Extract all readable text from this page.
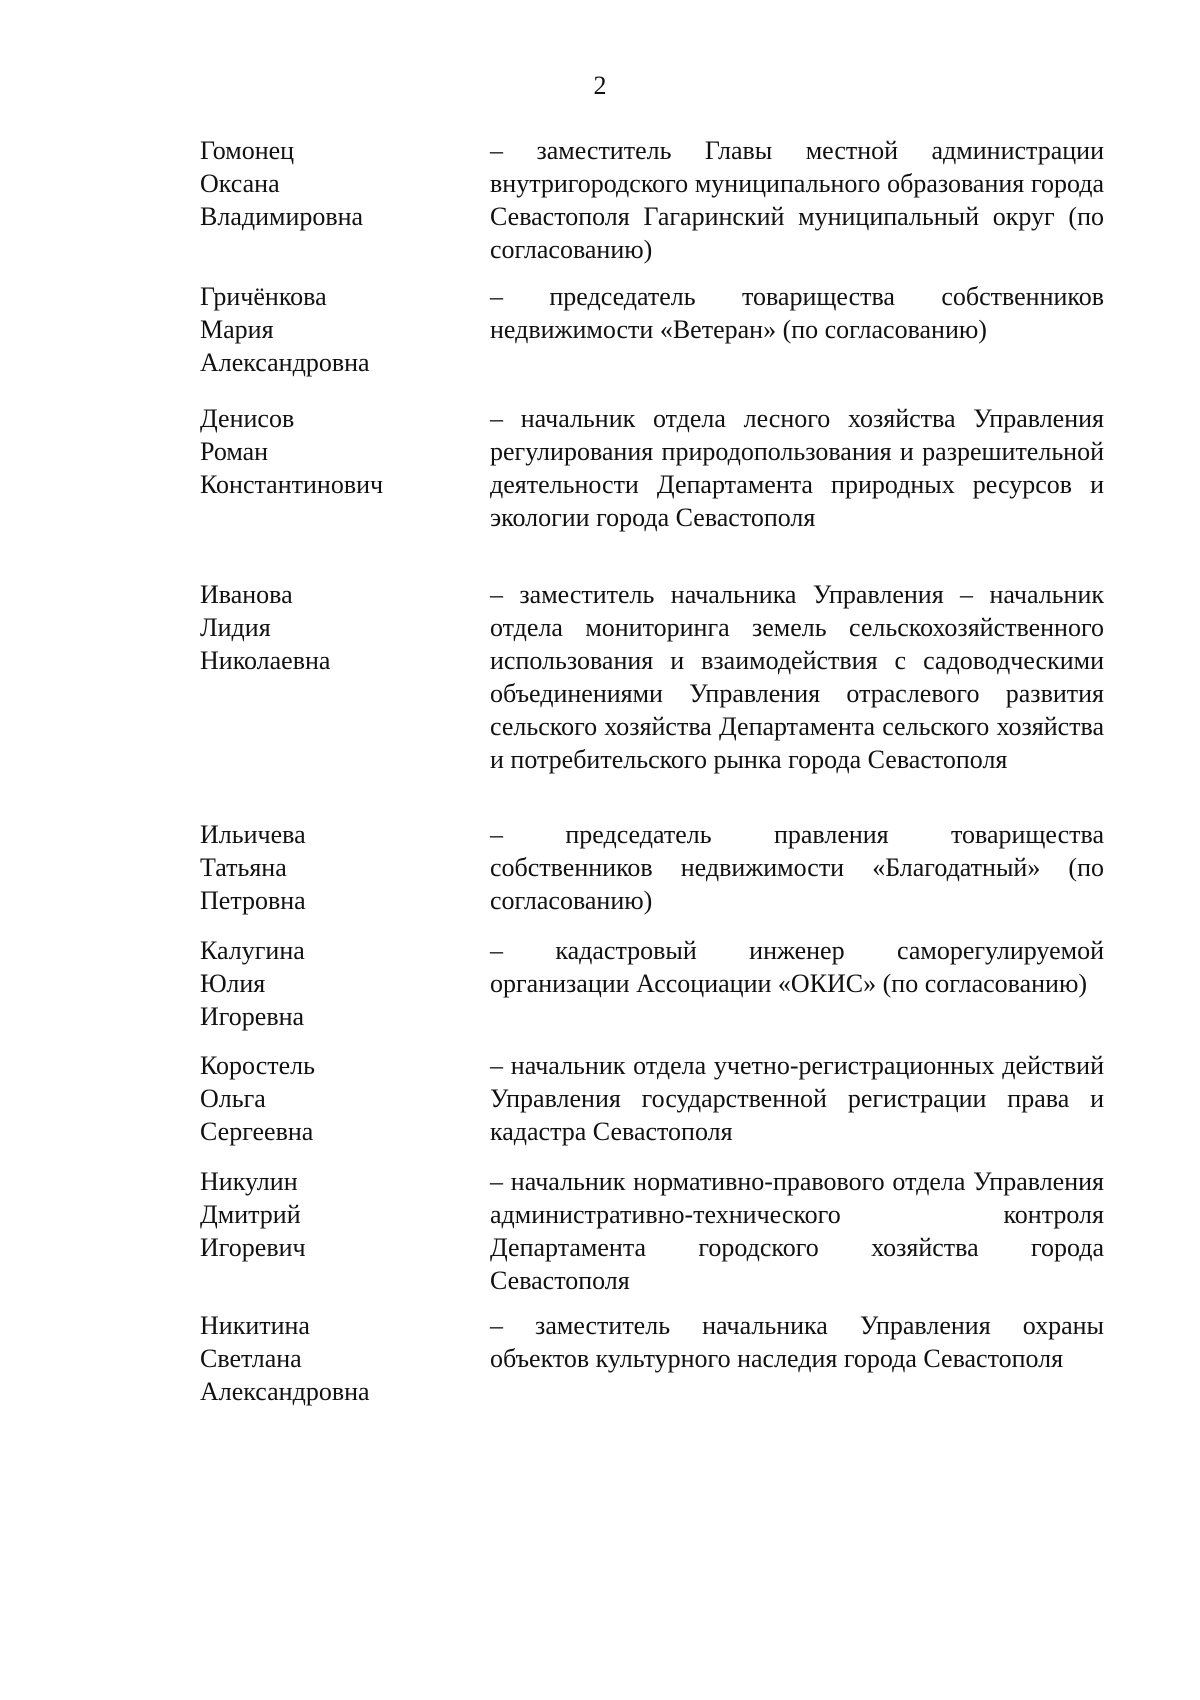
2

Гомонец
Оксана
Владимировна
– заместитель Главы местной администрации внутригородского муниципального образования города Севастополя Гагаринский муниципальный округ (по согласованию)
Гричёнкова
Мария
Александровна
– председатель товарищества собственников недвижимости «Ветеран» (по согласованию)
Денисов
Роман
Константинович
– начальник отдела лесного хозяйства Управления регулирования природопользования и разрешительной деятельности Департамента природных ресурсов и экологии города Севастополя
Иванова
Лидия
Николаевна
– заместитель начальника Управления – начальник отдела мониторинга земель сельскохозяйственного использования и взаимодействия с садоводческими объединениями Управления отраслевого развития сельского хозяйства Департамента сельского хозяйства и потребительского рынка города Севастополя
Ильичева
Татьяна
Петровна
– председатель правления товарищества собственников недвижимости «Благодатный» (по согласованию)
Калугина
Юлия
Игоревна
– кадастровый инженер саморегулируемой организации Ассоциации «ОКИС» (по согласованию)
Коростель
Ольга
Сергеевна
– начальник отдела учетно-регистрационных действий Управления государственной регистрации права и кадастра Севастополя
Никулин
Дмитрий
Игоревич
– начальник нормативно-правового отдела Управления административно-технического контроля Департамента городского хозяйства города Севастополя
Никитина
Светлана
Александровна
– заместитель начальника Управления охраны объектов культурного наследия города Севастополя
